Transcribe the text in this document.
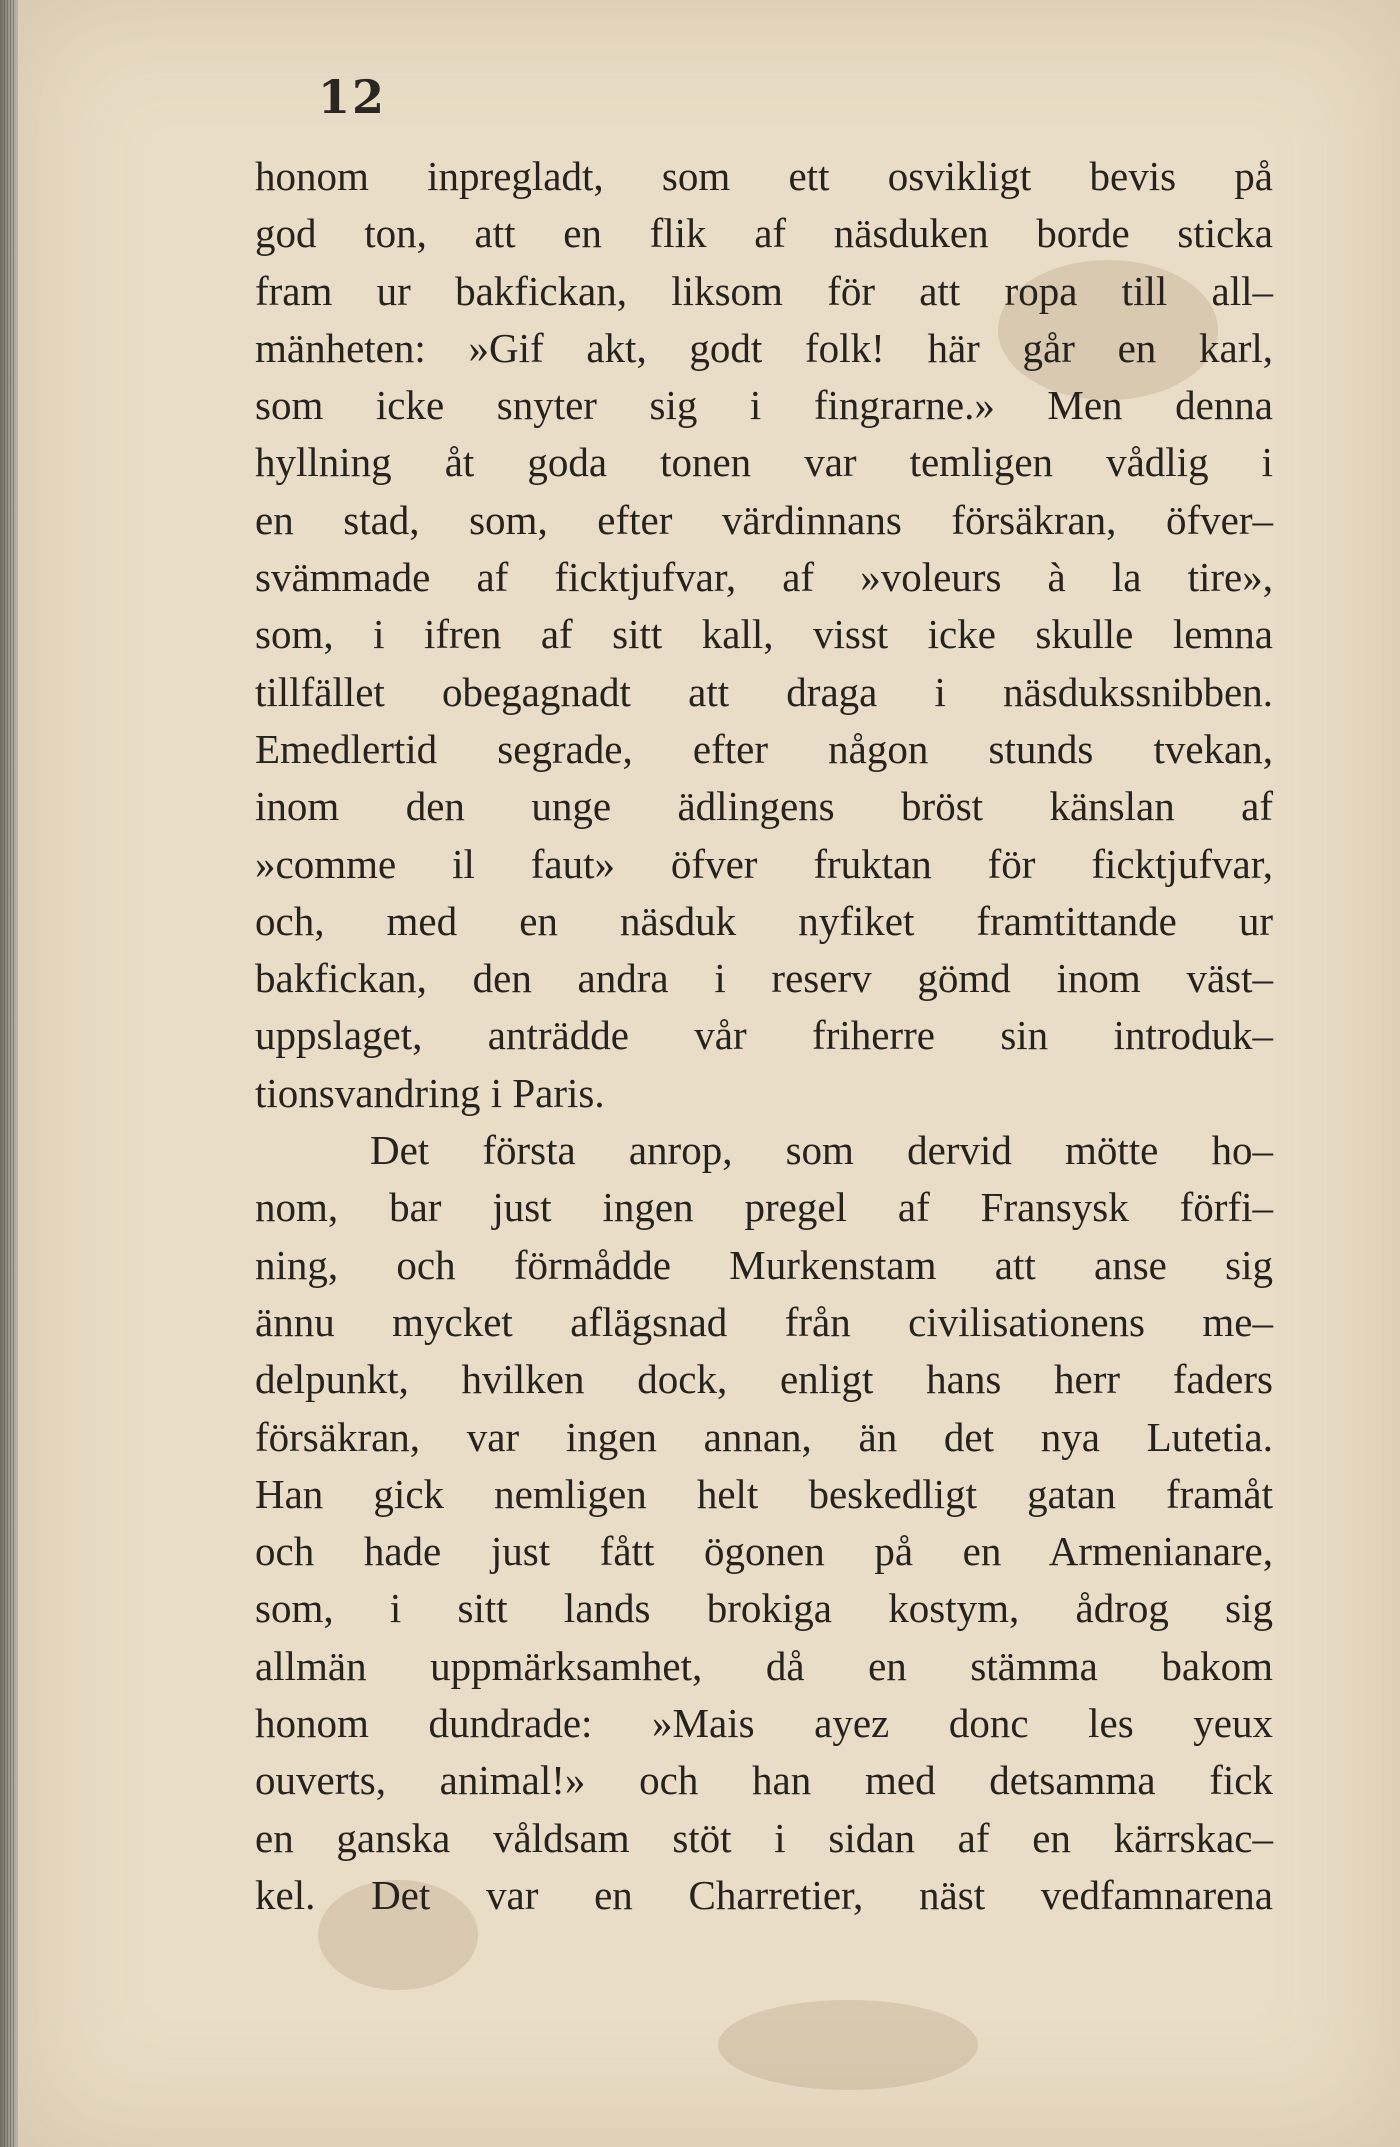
12
honom inpregladt, som ett osvikligt bevis på
god ton, att en flik af näsduken borde sticka
fram ur bakfickan, liksom för att ropa till all–
mänheten: »Gif akt, godt folk! här går en karl,
som icke snyter sig i fingrarne.» Men denna
hyllning åt goda tonen var temligen vådlig i
en stad, som, efter värdinnans försäkran, öfver–
svämmade af ficktjufvar, af »voleurs à la tire»,
som, i ifren af sitt kall, visst icke skulle lemna
tillfället obegagnadt att draga i näsdukssnibben.
Emedlertid segrade, efter någon stunds tvekan,
inom den unge ädlingens bröst känslan af
»comme il faut» öfver fruktan för ficktjufvar,
och, med en näsduk nyfiket framtittande ur
bakfickan, den andra i reserv gömd inom väst–
uppslaget, anträdde vår friherre sin introduk–
tionsvandring i Paris.
Det första anrop, som dervid mötte ho–
nom, bar just ingen pregel af Fransysk förfi–
ning, och förmådde Murkenstam att anse sig
ännu mycket aflägsnad från civilisationens me–
delpunkt, hvilken dock, enligt hans herr faders
försäkran, var ingen annan, än det nya Lutetia.
Han gick nemligen helt beskedligt gatan framåt
och hade just fått ögonen på en Armenianare,
som, i sitt lands brokiga kostym, ådrog sig
allmän uppmärksamhet, då en stämma bakom
honom dundrade: »Mais ayez donc les yeux
ouverts, animal!» och han med detsamma fick
en ganska våldsam stöt i sidan af en kärrskac–
kel. Det var en Charretier, näst vedfamnarena
